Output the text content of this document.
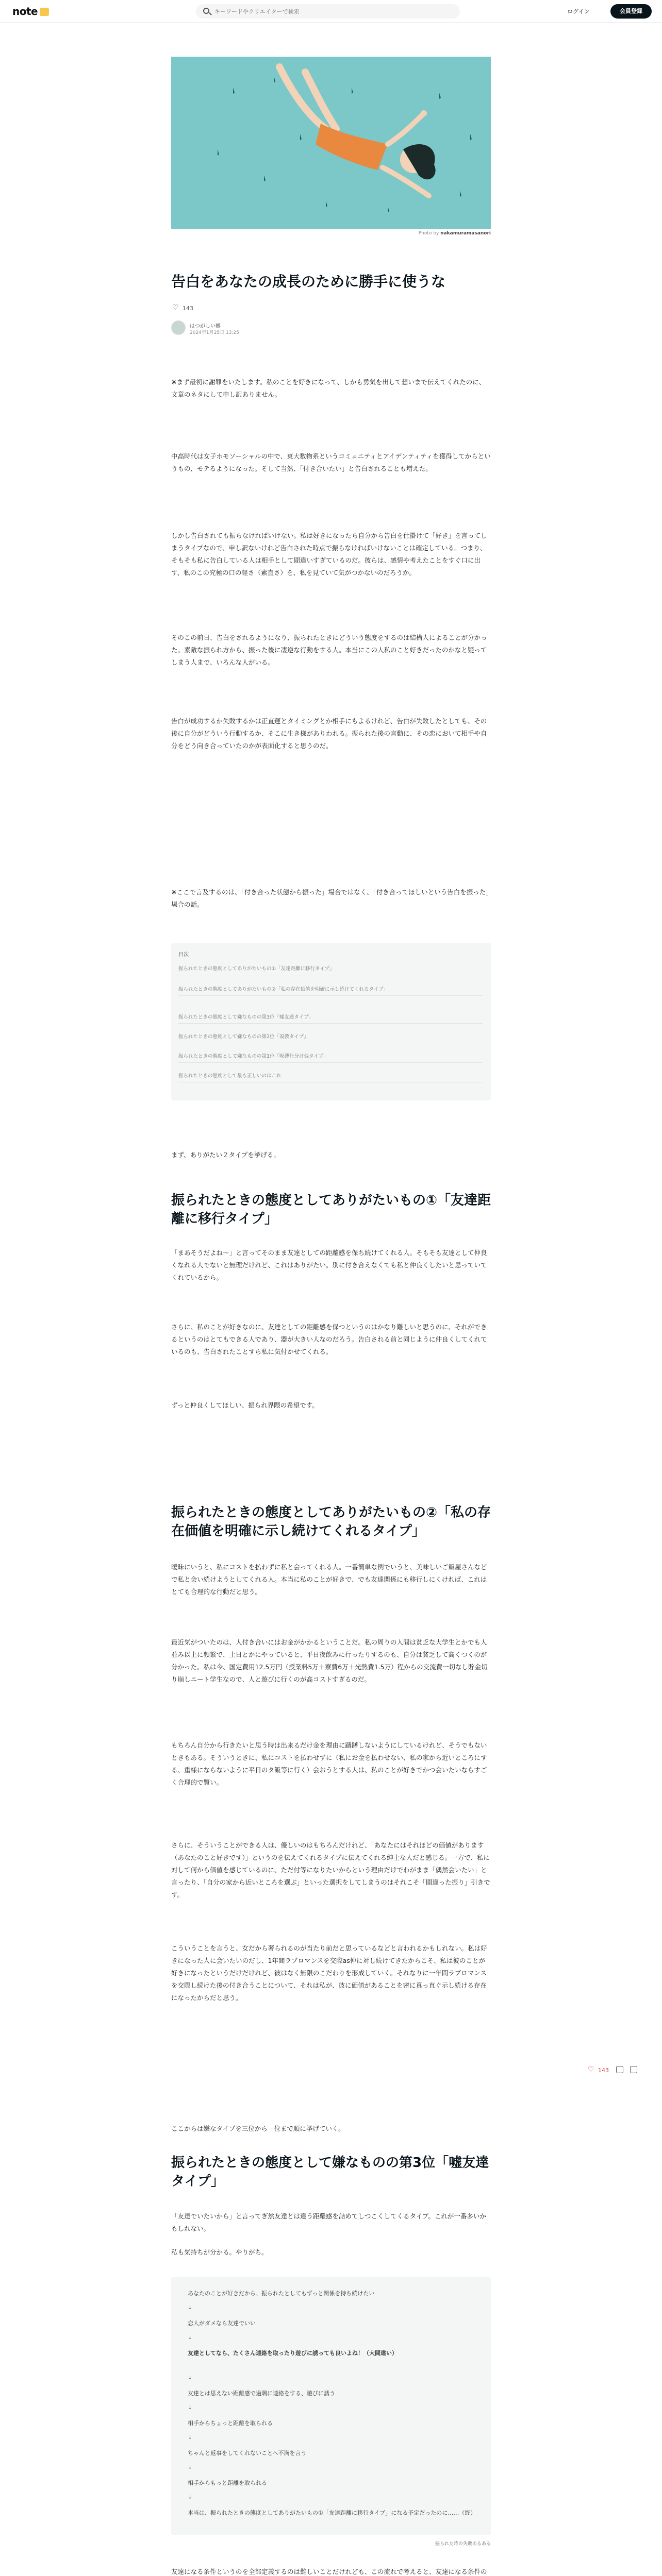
note
キーワードやクリエイターで検索	ログイン	会員登録
Photo by nakamuramasanori
告白をあなたの成長のために勝手に使うな
♡143
はつがしい郷
2024年1月25日 13:25

※まず最初に謝罪をいたします。私のことを好きになって、しかも勇気を出して想いまで伝えてくれたのに、文章のネタにして申し訳ありません。

中高時代は女子ホモソーシャルの中で、東大数物系というコミュニティとアイデンティティを獲得してからというもの、モテるようになった。そして当然、「付き合いたい」と告白されることも増えた。

しかし告白されても振らなければいけない。私は好きになったら自分から告白を仕掛けて「好き」を言ってしまうタイプなので、申し訳ないけれど告白された時点で振らなければいけないことは確定している。つまり、そもそも私に告白している人は相手として間違いすぎているのだ。彼らは、感情や考えたことをすぐ口に出す、私のこの究極の口の軽さ（素直さ）を、私を見ていて気がつかないのだろうか。

そのこの前日、告白をされるようになり、振られたときにどういう態度をするのは結構人によることが分かった。素敵な振られ方から、振った後に凄逆な行動をする人。本当にこの人私のこと好きだったのかなと疑ってしまう人まで、いろんな人がいる。

告白が成功するか失敗するかは正直運とタイミングとか相手にもよるけれど、告白が失敗したとしても、その後に自分がどういう行動するか、そこに生き様がありわれる。振られた後の言動に、その恋において相手や自分をどう向き合っていたのかが表面化すると思うのだ。

※ここで言及するのは、「付き合った状態から振った」場合ではなく、「付き合ってほしいという告白を振った」場合の話。

目次
振られたときの態度としてありがたいもの①「友達距離に移行タイプ」
振られたときの態度としてありがたいもの②「私の存在価値を明確に示し続けてくれるタイプ」
振られたときの態度として嫌なものの第3位「嘘友達タイプ」
振られたときの態度として嫌なものの第2位「説教タイプ」
振られたときの態度として嫌なものの第1位「呪縛仕分け偏タイプ」
振られたときの態度として最も正しいのはこれ

まず、ありがたい２タイプを挙げる。

振られたときの態度としてありがたいもの①「友達距離に移行タイプ」

「まあそうだよね〜」と言ってそのまま友達としての距離感を保ち続けてくれる人。そもそも友達として仲良くなれる人でないと無理だけれど、これはありがたい。別に付き合えなくても私と仲良くしたいと思っていてくれているから。

さらに、私のことが好きなのに、友達としての距離感を保つというのはかなり難しいと思うのに、それができるというのはとてもできる人であり、器が大きい人なのだろう。告白される前と同じように仲良くしてくれているのも、告白されたことすら私に気付かせてくれる。

ずっと仲良くしてほしい、振られ界隈の希望です。

振られたときの態度としてありがたいもの②「私の存在価値を明確に示し続けてくれるタイプ」

曖昧にいうと、私にコストを払わずに私と会ってくれる人。一番簡単な例でいうと、美味しいご飯屋さんなどで私と会い続けようとしてくれる人。本当に私のことが好きで、でも友達関係にも移行しにくければ、これはとても合理的な行動だと思う。

最近気がついたのは、人付き合いにはお金がかかるということだ。私の周りの人間は貧乏な大学生とかでも人並み以上に頻繁で、土日とかにやっていると、平日夜飲みに行ったりするのも、自分は貧乏して高くつくのが分かった。私は今、国定費用12.5万円（授業料5万＋寮費6万＋光熱費1.5万）程からの交流費一切なし貯金切り崩しニート学生なので、人と遊びに行くのが高コストすぎるのだ。

もちろん自分から行きたいと思う時は出来るだけ金を理由に躊躇しないようにしているけれど、そうでもないときもある。そういうときに、私にコストを払わせずに（私にお金を払わせない、私の家から近いところにする、重様にならないように平日のタ飯等に行く）会おうとする人は、私のことが好きでかつ会いたいならすごく合理的で賢い。

さらに、そういうことができる人は、優しいのはもちろんだけれど、「あなたにはそれほどの価値があります（あなたのこと好きです）」というのを伝えてくれるタイプに伝えてくれる紳士な人だと感じる。一方で、私に対して何から価値を感じているのに、ただ付等になりたいからという理由だけでわがまま「偶然会いたい」と言ったり、「自分の家から近いところを選ぶ」といった選択をしてしまうのはそれこそ「間違った振り」引きです。

こういうことを言うと、女だから奢られるのが当たり前だと思っているなどと言われるかもしれない。私は好きになった人に会いたいのだし、1年間ラブロマンスを交際as仲に対し続けてきたからこそ、私は彼のことが好きになったというだけだけれど、彼はなく無限のこだわりを形成していく。それなりに一年間ラブロマンスを交際し続けた後の付き合うことについて、それは私が、彼に価値があることを密に真っ直ぐ示し続ける存在になったからだと思う。

ここからは嫌なタイプを三位から一位まで順に挙げていく。

振られたときの態度として嫌なものの第3位「嘘友達タイプ」

「友達でいたいから」と言ってぎ然友達とは違う距離感を詰めてしつこくしてくるタイプ。これが一番多いかもしれない。

私も気持ちが分かる。やりがち。

あなたのことが好きだから、振られたとしてもずっと関係を持ち続けたい
↓
恋人がダメなら友達でいい
↓
友達としてなら、たくさん連絡を取ったり遊びに誘っても良いよね！（大間違い）
↓
友達とは思えない距離感で過剰に連絡をする、遊びに誘う
↓
相手からちょっと距離を取られる
↓
ちゃんと返事をしてくれないことへ不満を言う
↓
相手からもっと距離を取られる
↓
本当は、振られたときの態度としてありがたいもの①「友達距離に移行タイプ」になる予定だったのに……（終）
振られた時の失敗あるある

友達になる条件というのを全部定義するのは難しいことだけれども、この流れで考えると、友達になる条件の

♡143
